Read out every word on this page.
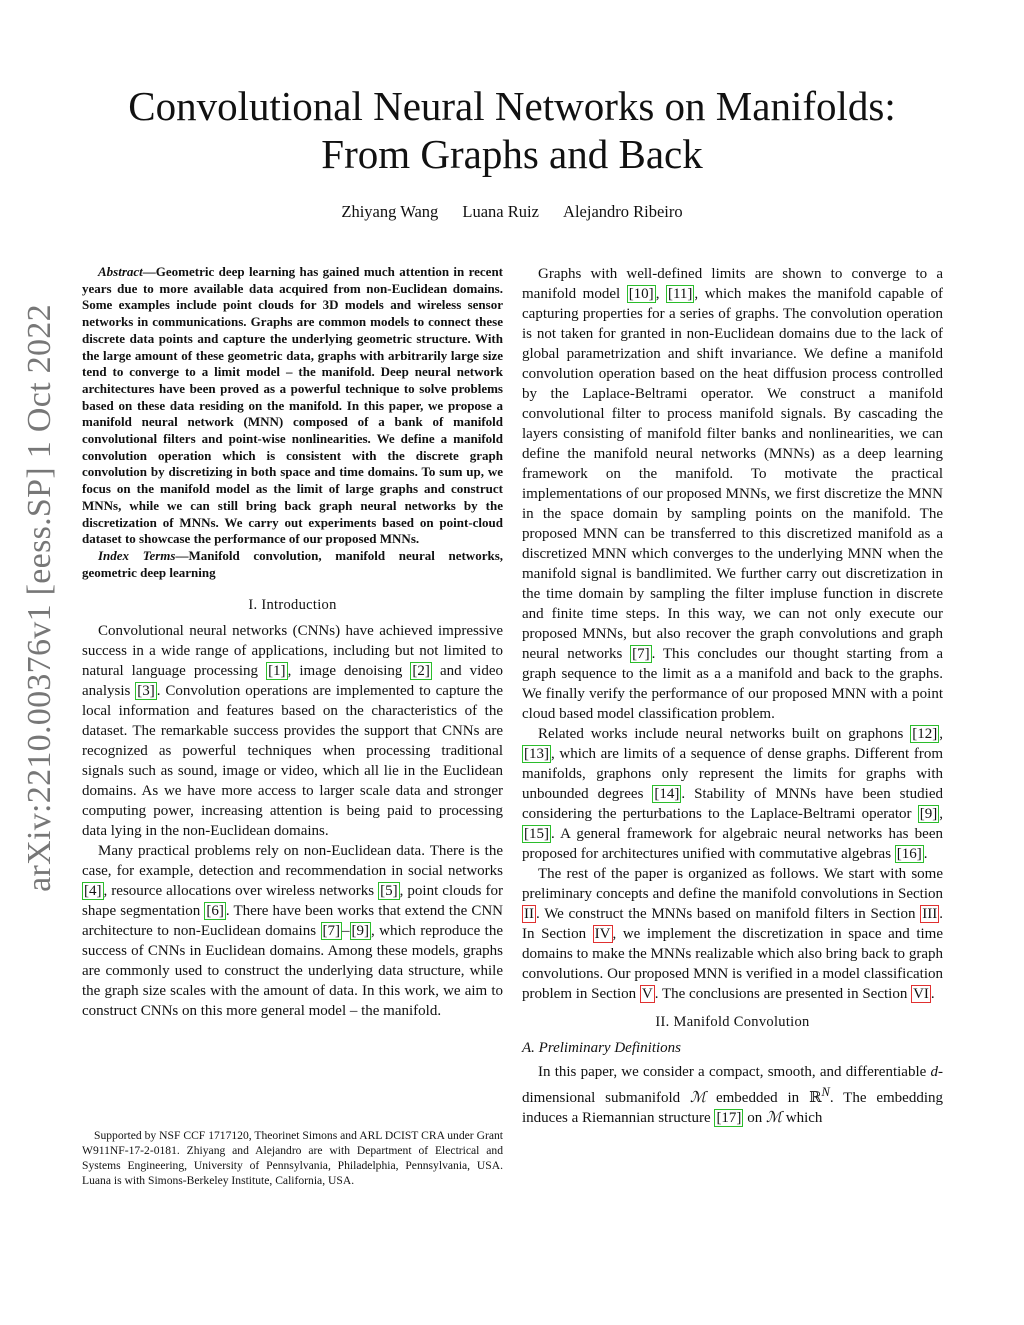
arXiv:2210.00376v1 [eess.SP] 1 Oct 2022
Convolutional Neural Networks on Manifolds:
From Graphs and Back
Zhiyang Wang Luana Ruiz Alejandro Ribeiro

Abstract—Geometric deep learning has gained much attention in recent years due to more available data acquired from non-Euclidean domains. Some examples include point clouds for 3D models and wireless sensor networks in communications. Graphs are common models to connect these discrete data points and capture the underlying geometric structure. With the large amount of these geometric data, graphs with arbitrarily large size tend to converge to a limit model – the manifold. Deep neural network architectures have been proved as a powerful technique to solve problems based on these data residing on the manifold. In this paper, we propose a manifold neural network (MNN) composed of a bank of manifold convolutional filters and point-wise nonlinearities. We define a manifold convolution operation which is consistent with the discrete graph convolution by discretizing in both space and time domains. To sum up, we focus on the manifold model as the limit of large graphs and construct MNNs, while we can still bring back graph neural networks by the discretization of MNNs. We carry out experiments based on point-cloud dataset to showcase the performance of our proposed MNNs.

Index Terms—Manifold convolution, manifold neural networks, geometric deep learning

I. Introduction

Convolutional neural networks (CNNs) have achieved impressive success in a wide range of applications, including but not limited to natural language processing [1] , image denoising [2] and video analysis [3] . Convolution operations are implemented to capture the local information and features based on the characteristics of the dataset. The remarkable success provides the support that CNNs are recognized as powerful techniques when processing traditional signals such as sound, image or video, which all lie in the Euclidean domains. As we have more access to larger scale data and stronger computing power, increasing attention is being paid to processing data lying in the non-Euclidean domains.

Many practical problems rely on non-Euclidean data. There is the case, for example, detection and recommendation in social networks [4] , resource allocations over wireless networks [5] , point clouds for shape segmentation [6] . There have been works that extend the CNN architecture to non-Euclidean domains [7] – [9] , which reproduce the success of CNNs in Euclidean domains. Among these models, graphs are commonly used to construct the underlying data structure, while the graph size scales with the amount of data. In this work, we aim to construct CNNs on this more general model – the manifold.

Supported by NSF CCF 1717120, Theorinet Simons and ARL DCIST CRA under Grant W911NF-17-2-0181. Zhiyang and Alejandro are with Department of Electrical and Systems Engineering, University of Pennsylvania, Philadelphia, Pennsylvania, USA. Luana is with Simons-Berkeley Institute, California, USA.

Graphs with well-defined limits are shown to converge to a manifold model [10] , [11] , which makes the manifold capable of capturing properties for a series of graphs. The convolution operation is not taken for granted in non-Euclidean domains due to the lack of global parametrization and shift invariance. We define a manifold convolution operation based on the heat diffusion process controlled by the Laplace-Beltrami operator. We construct a manifold convolutional filter to process manifold signals. By cascading the layers consisting of manifold filter banks and nonlinearities, we can define the manifold neural networks (MNNs) as a deep learning framework on the manifold. To motivate the practical implementations of our proposed MNNs, we first discretize the MNN in the space domain by sampling points on the manifold. The proposed MNN can be transferred to this discretized manifold as a discretized MNN which converges to the underlying MNN when the manifold signal is bandlimited. We further carry out discretization in the time domain by sampling the filter impluse function in discrete and finite time steps. In this way, we can not only execute our proposed MNNs, but also recover the graph convolutions and graph neural networks [7] . This concludes our thought starting from a graph sequence to the limit as a a manifold and back to the graphs. We finally verify the performance of our proposed MNN with a point cloud based model classification problem.

Related works include neural networks built on graphons [12] , [13] , which are limits of a sequence of dense graphs. Different from manifolds, graphons only represent the limits for graphs with unbounded degrees [14] . Stability of MNNs have been studied considering the perturbations to the Laplace-Beltrami operator [9] , [15] . A general framework for algebraic neural networks has been proposed for architectures unified with commutative algebras [16] .

The rest of the paper is organized as follows. We start with some preliminary concepts and define the manifold convolutions in Section II . We construct the MNNs based on manifold filters in Section III . In Section IV , we implement the discretization in space and time domains to make the MNNs realizable which also bring back to graph convolutions. Our proposed MNN is verified in a model classification problem in Section V . The conclusions are presented in Section VI .

II. Manifold Convolution
A. Preliminary Definitions

In this paper, we consider a compact, smooth, and differentiable d-dimensional submanifold ℳ embedded in ℝ$^N$. The embedding induces a Riemannian structure [17] on ℳ which
